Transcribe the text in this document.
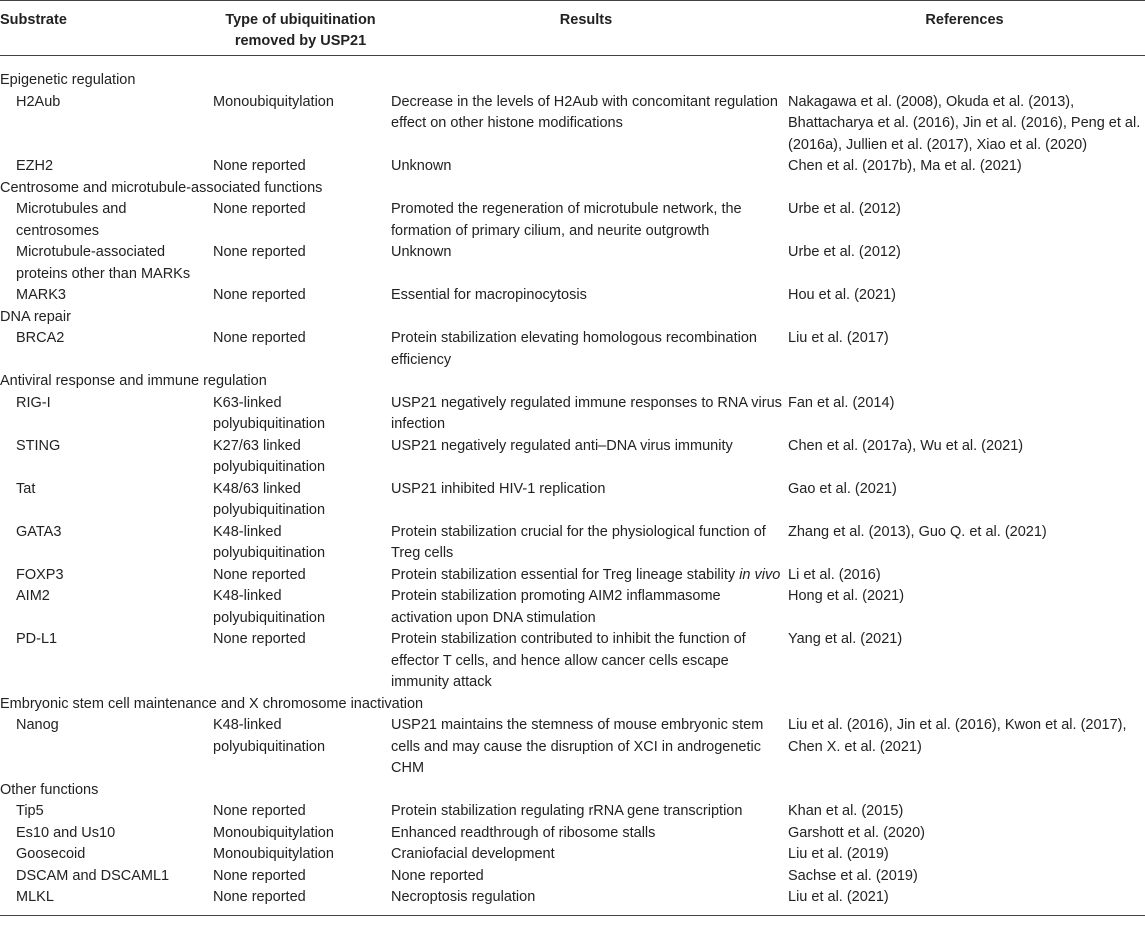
Substrate	Type of ubiquitination removed by USP21	Results	References
Epigenetic regulation			
H2Aub	Monoubiquitylation	Decrease in the levels of H2Aub with concomitant regulation effect on other histone modifications	Nakagawa et al. (2008), Okuda et al. (2013), Bhattacharya et al. (2016), Jin et al. (2016), Peng et al. (2016a), Jullien et al. (2017), Xiao et al. (2020)
EZH2	None reported	Unknown	Chen et al. (2017b), Ma et al. (2021)
Centrosome and microtubule-associated functions			
Microtubules and centrosomes	None reported	Promoted the regeneration of microtubule network, the formation of primary cilium, and neurite outgrowth	Urbe et al. (2012)
Microtubule-associated proteins other than MARKs	None reported	Unknown	Urbe et al. (2012)
MARK3	None reported	Essential for macropinocytosis	Hou et al. (2021)
DNA repair			
BRCA2	None reported	Protein stabilization elevating homologous recombination efficiency	Liu et al. (2017)
Antiviral response and immune regulation			
RIG-I	K63-linked polyubiquitination	USP21 negatively regulated immune responses to RNA virus infection	Fan et al. (2014)
STING	K27/63 linked polyubiquitination	USP21 negatively regulated anti–DNA virus immunity	Chen et al. (2017a), Wu et al. (2021)
Tat	K48/63 linked polyubiquitination	USP21 inhibited HIV-1 replication	Gao et al. (2021)
GATA3	K48-linked polyubiquitination	Protein stabilization crucial for the physiological function of Treg cells	Zhang et al. (2013), Guo Q. et al. (2021)
FOXP3	None reported	Protein stabilization essential for Treg lineage stability in vivo	Li et al. (2016)
AIM2	K48-linked polyubiquitination	Protein stabilization promoting AIM2 inflammasome activation upon DNA stimulation	Hong et al. (2021)
PD-L1	None reported	Protein stabilization contributed to inhibit the function of effector T cells, and hence allow cancer cells escape immunity attack	Yang et al. (2021)
Embryonic stem cell maintenance and X chromosome inactivation			
Nanog	K48-linked polyubiquitination	USP21 maintains the stemness of mouse embryonic stem cells and may cause the disruption of XCI in androgenetic CHM	Liu et al. (2016), Jin et al. (2016), Kwon et al. (2017), Chen X. et al. (2021)
Other functions			
Tip5	None reported	Protein stabilization regulating rRNA gene transcription	Khan et al. (2015)
Es10 and Us10	Monoubiquitylation	Enhanced readthrough of ribosome stalls	Garshott et al. (2020)
Goosecoid	Monoubiquitylation	Craniofacial development	Liu et al. (2019)
DSCAM and DSCAML1	None reported	None reported	Sachse et al. (2019)
MLKL	None reported	Necroptosis regulation	Liu et al. (2021)
